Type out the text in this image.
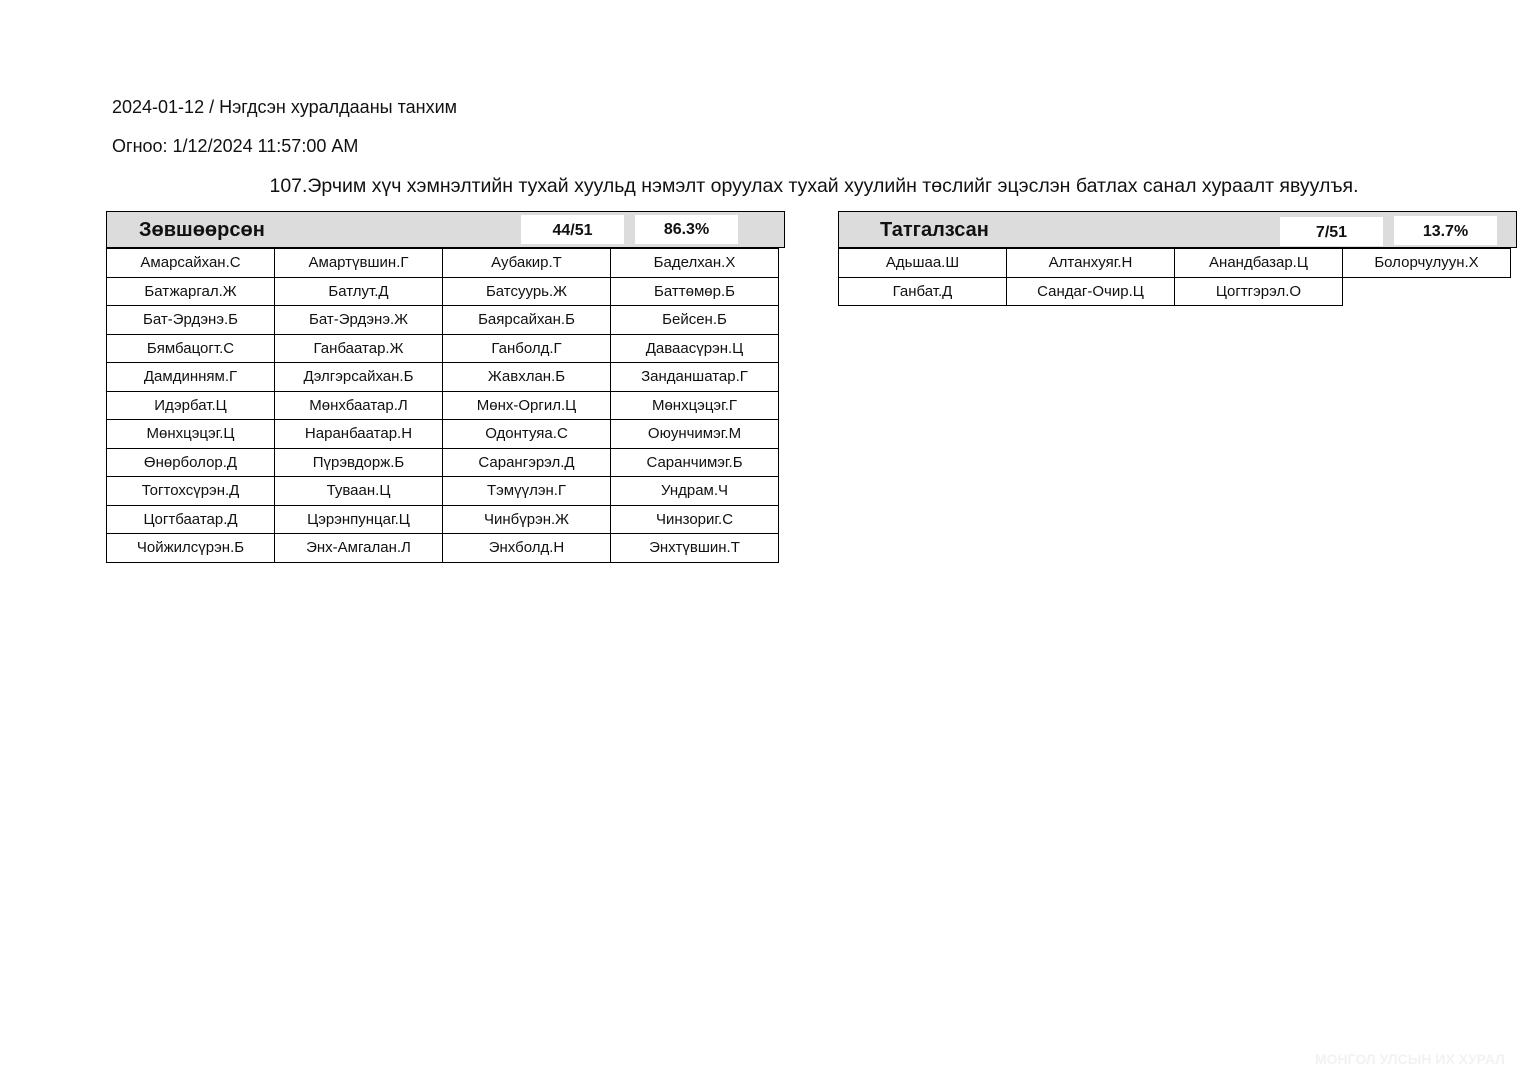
2024-01-12 / Нэгдсэн хуралдааны танхим
Огноо: 1/12/2024 11:57:00 AM
107.Эрчим хүч хэмнэлтийн тухай хуульд нэмэлт оруулах тухай хуулийн төслийг эцэслэн батлах санал хураалт явуулъя.
Зөвшөөрсөн	44/51	86.3%
Амарсайхан.С	Амартүвшин.Г	Аубакир.Т	Баделхан.Х
Батжаргал.Ж	Батлут.Д	Батсуурь.Ж	Баттөмөр.Б
Бат-Эрдэнэ.Б	Бат-Эрдэнэ.Ж	Баярсайхан.Б	Бейсен.Б
Бямбацогт.С	Ганбаатар.Ж	Ганболд.Г	Даваасүрэн.Ц
Дамдинням.Г	Дэлгэрсайхан.Б	Жавхлан.Б	Занданшатар.Г
Идэрбат.Ц	Мөнхбаатар.Л	Мөнх-Оргил.Ц	Мөнхцэцэг.Г
Мөнхцэцэг.Ц	Наранбаатар.Н	Одонтуяа.С	Оюунчимэг.М
Өнөрболор.Д	Пүрэвдорж.Б	Сарангэрэл.Д	Саранчимэг.Б
Тогтохсүрэн.Д	Туваан.Ц	Тэмүүлэн.Г	Ундрам.Ч
Цогтбаатар.Д	Цэрэнпунцаг.Ц	Чинбүрэн.Ж	Чинзориг.С
Чойжилсүрэн.Б	Энх-Амгалан.Л	Энхболд.Н	Энхтүвшин.Т
Татгалзсан	7/51	13.7%
Адьшаа.Ш	Алтанхуяг.Н	Анандбазар.Ц	Болорчулуун.Х
Ганбат.Д	Сандаг-Очир.Ц	Цогтгэрэл.О	
МОНГОЛ УЛСЫН ИХ ХУРАЛ
